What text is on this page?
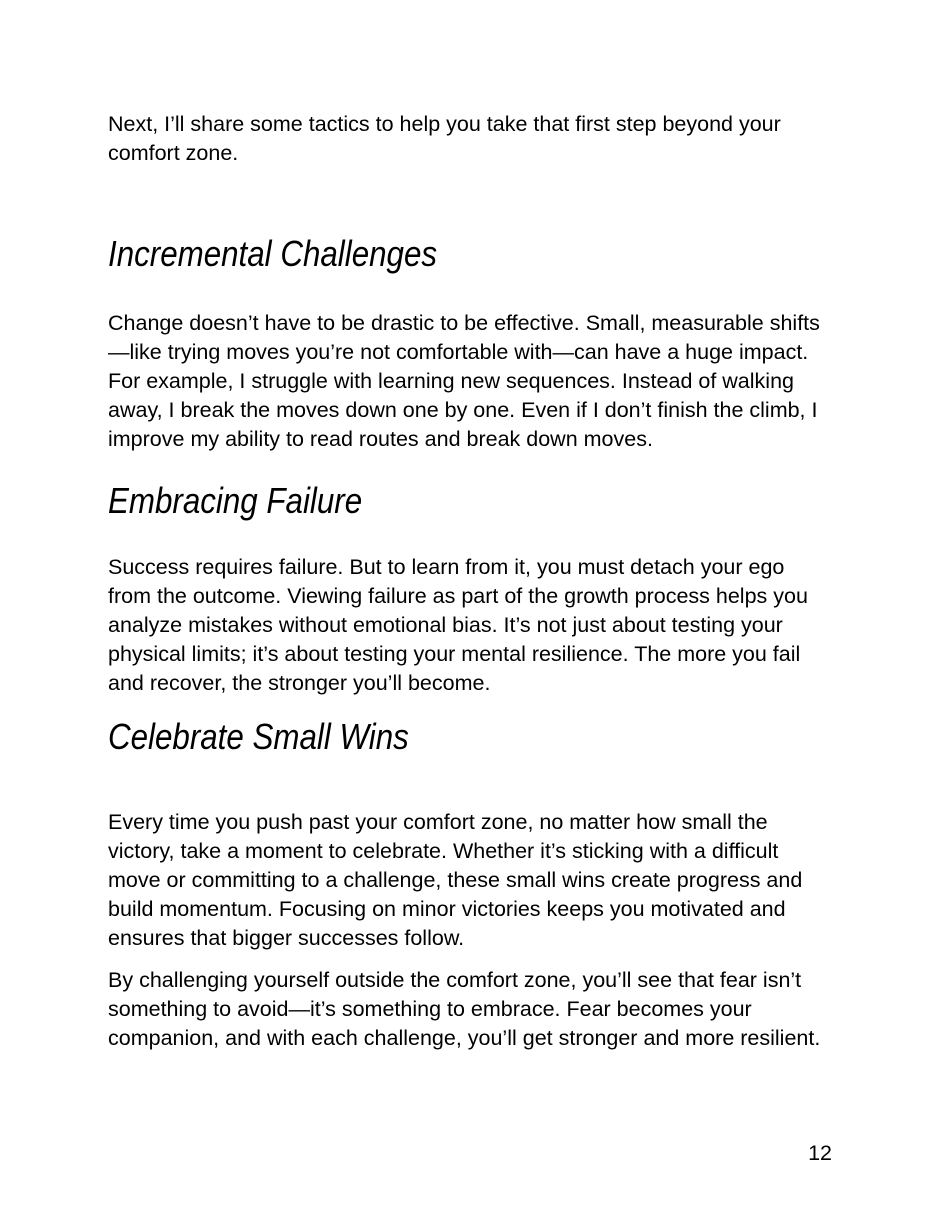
Next, I’ll share some tactics to help you take that first step beyond your comfort zone.
Incremental Challenges
Change doesn’t have to be drastic to be effective. Small, measurable shifts—like trying moves you’re not comfortable with—can have a huge impact. For example, I struggle with learning new sequences. Instead of walking away, I break the moves down one by one. Even if I don’t finish the climb, I improve my ability to read routes and break down moves.
Embracing Failure
Success requires failure. But to learn from it, you must detach your ego from the outcome. Viewing failure as part of the growth process helps you analyze mistakes without emotional bias. It’s not just about testing your physical limits; it’s about testing your mental resilience. The more you fail and recover, the stronger you’ll become.
Celebrate Small Wins
Every time you push past your comfort zone, no matter how small the victory, take a moment to celebrate. Whether it’s sticking with a difficult move or committing to a challenge, these small wins create progress and build momentum. Focusing on minor victories keeps you motivated and ensures that bigger successes follow.
By challenging yourself outside the comfort zone, you’ll see that fear isn’t something to avoid—it’s something to embrace. Fear becomes your companion, and with each challenge, you’ll get stronger and more resilient.
12
